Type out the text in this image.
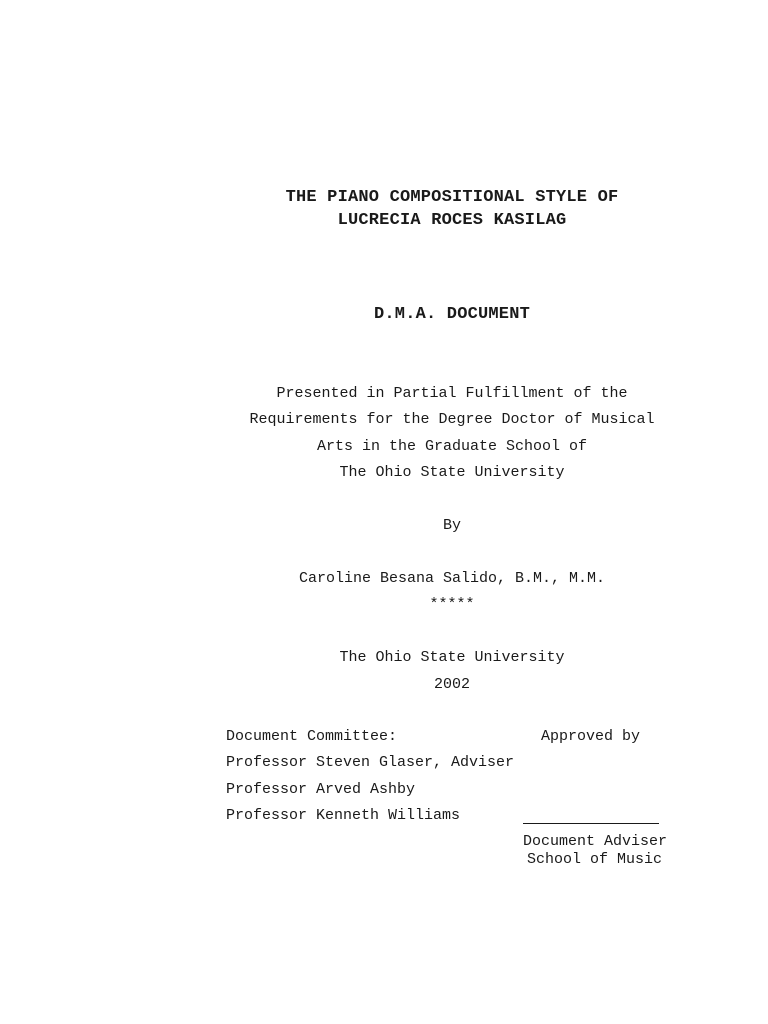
THE PIANO COMPOSITIONAL STYLE OF
LUCRECIA ROCES KASILAG
D.M.A. DOCUMENT
Presented in Partial Fulfillment of the
Requirements for the Degree Doctor of Musical
Arts in the Graduate School of
The Ohio State University
By
Caroline Besana Salido, B.M., M.M.
*****
The Ohio State University
2002
Document Committee:
Professor Steven Glaser, Adviser
Professor Arved Ashby
Professor Kenneth Williams
Approved by
Document Adviser
School of Music
